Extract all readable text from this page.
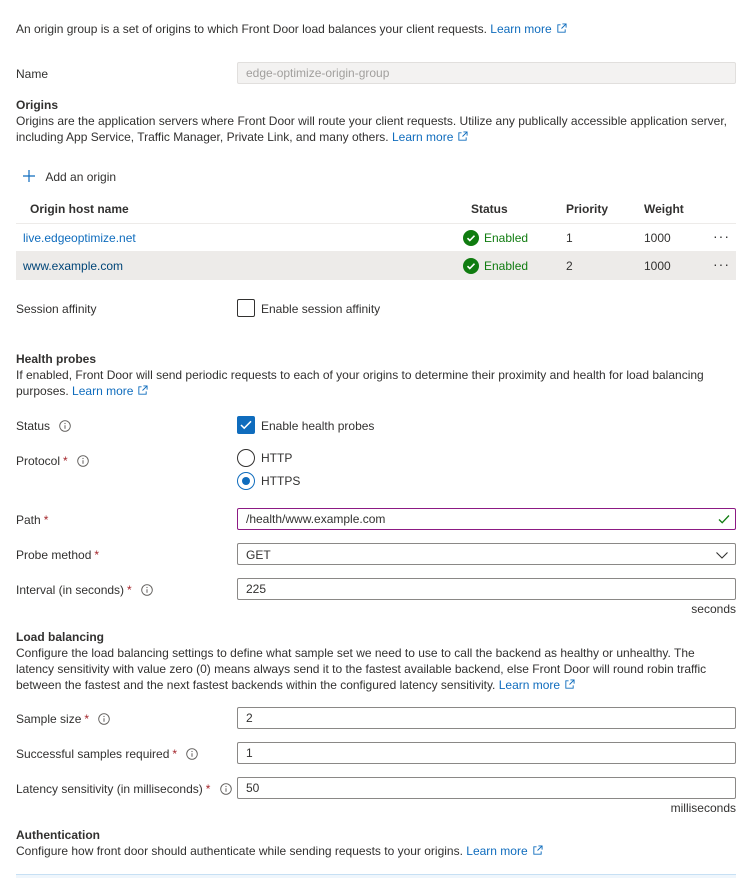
An origin group is a set of origins to which Front Door load balances your client requests. Learn more
Name
edge-optimize-origin-group
Origins
Origins are the application servers where Front Door will route your client requests. Utilize any publically accessible application server, including App Service, Traffic Manager, Private Link, and many others. Learn more
Add an origin
Origin host name	Status	Priority	Weight
live.edgeoptimize.net	Enabled	1	1000	···
www.example.com	Enabled	2	1000	···
Session affinity	Enable session affinity
Health probes
If enabled, Front Door will send periodic requests to each of your origins to determine their proximity and health for load balancing purposes. Learn more
Status	Enable health probes
Protocol *	HTTP
HTTPS
Path *
/health/www.example.com
Probe method *	GET
Interval (in seconds) *
225
seconds
Load balancing
Configure the load balancing settings to define what sample set we need to use to call the backend as healthy or unhealthy. The latency sensitivity with value zero (0) means always send it to the fastest available backend, else Front Door will round robin traffic between the fastest and the next fastest backends within the configured latency sensitivity. Learn more
Sample size *
2
Successful samples required *
1
Latency sensitivity (in milliseconds) *
50
milliseconds
Authentication
Configure how front door should authenticate while sending requests to your origins. Learn more
